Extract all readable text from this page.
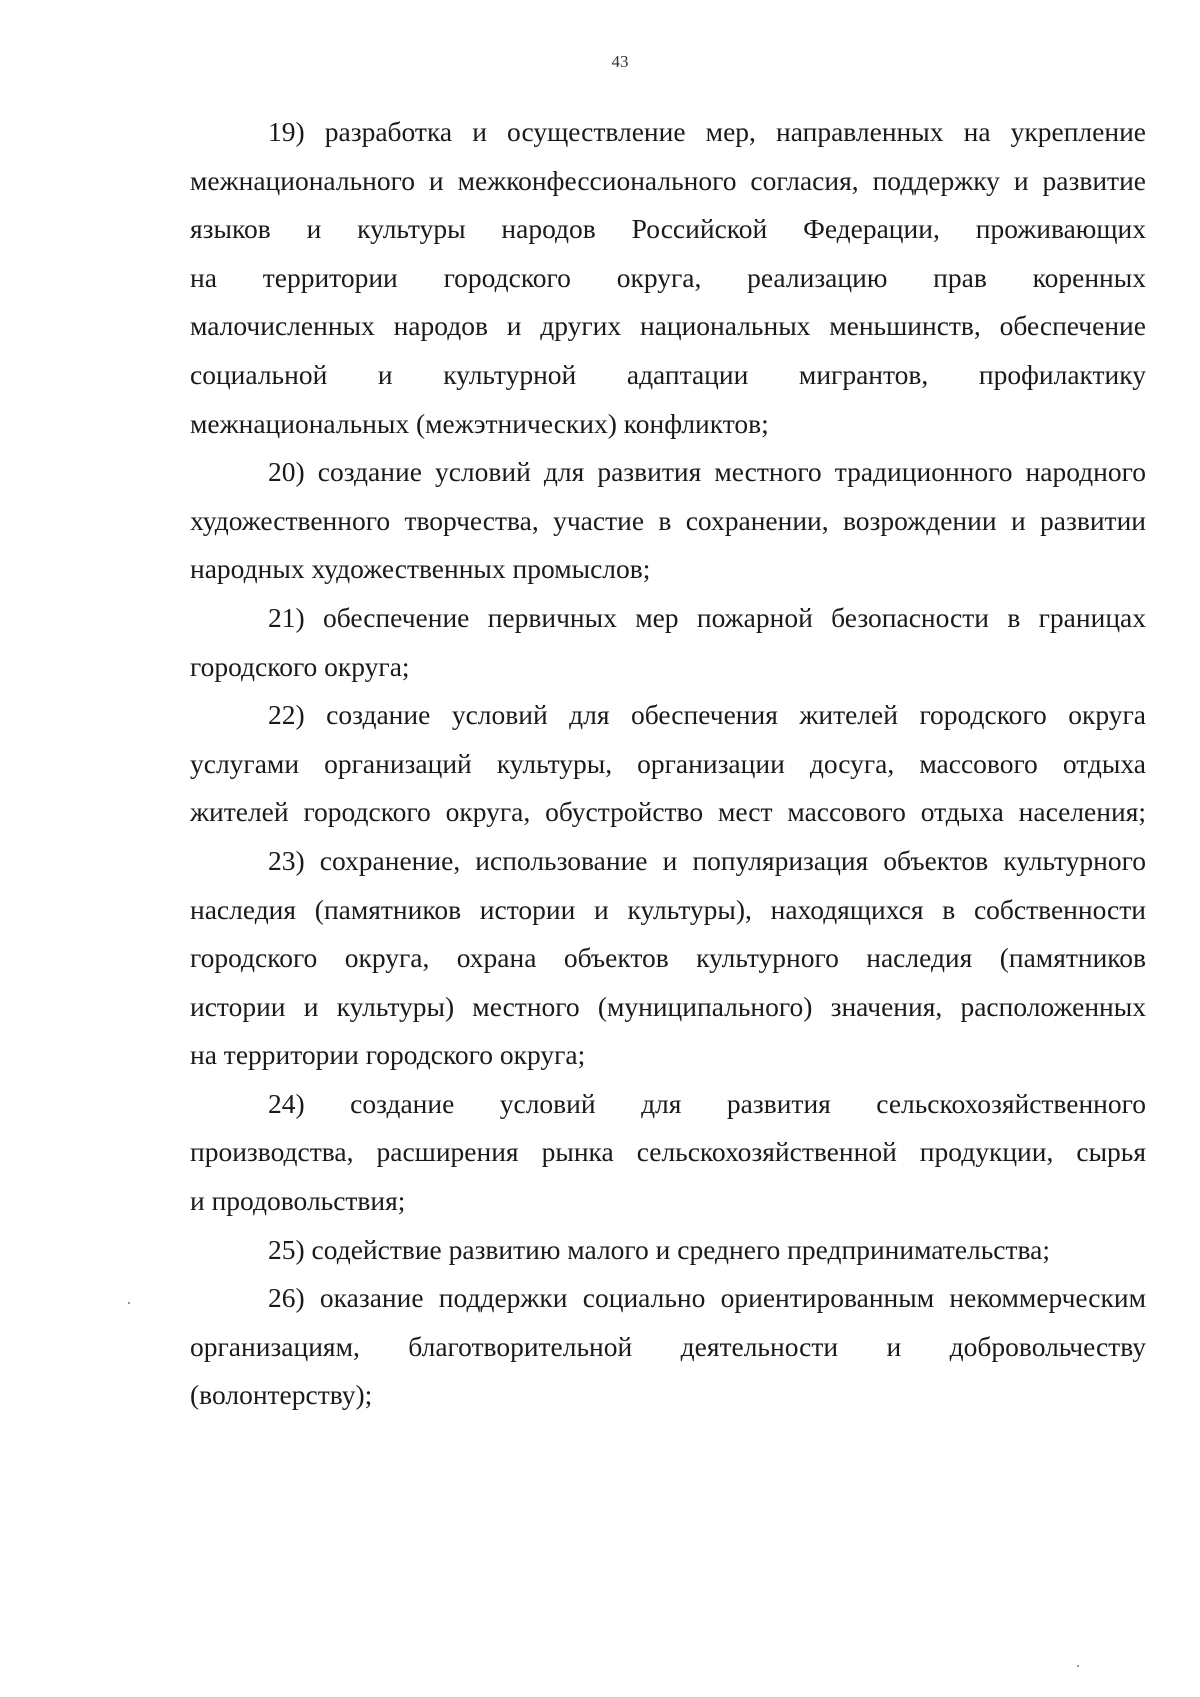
43
19) разработка и осуществление мер, направленных на укрепление
межнационального и межконфессионального согласия, поддержку и развитие
языков и культуры народов Российской Федерации, проживающих
на территории городского округа, реализацию прав коренных
малочисленных народов и других национальных меньшинств, обеспечение
социальной и культурной адаптации мигрантов, профилактику
межнациональных (межэтнических) конфликтов;
20) создание условий для развития местного традиционного народного
художественного творчества, участие в сохранении, возрождении и развитии
народных художественных промыслов;
21) обеспечение первичных мер пожарной безопасности в границах
городского округа;
22) создание условий для обеспечения жителей городского округа
услугами организаций культуры, организации досуга, массового отдыха
жителей городского округа, обустройство мест массового отдыха населения;
23) сохранение, использование и популяризация объектов культурного
наследия (памятников истории и культуры), находящихся в собственности
городского округа, охрана объектов культурного наследия (памятников
истории и культуры) местного (муниципального) значения, расположенных
на территории городского округа;
24) создание условий для развития сельскохозяйственного
производства, расширения рынка сельскохозяйственной продукции, сырья
и продовольствия;
25) содействие развитию малого и среднего предпринимательства;
26) оказание поддержки социально ориентированным некоммерческим
организациям, благотворительной деятельности и добровольчеству
(волонтерству);
